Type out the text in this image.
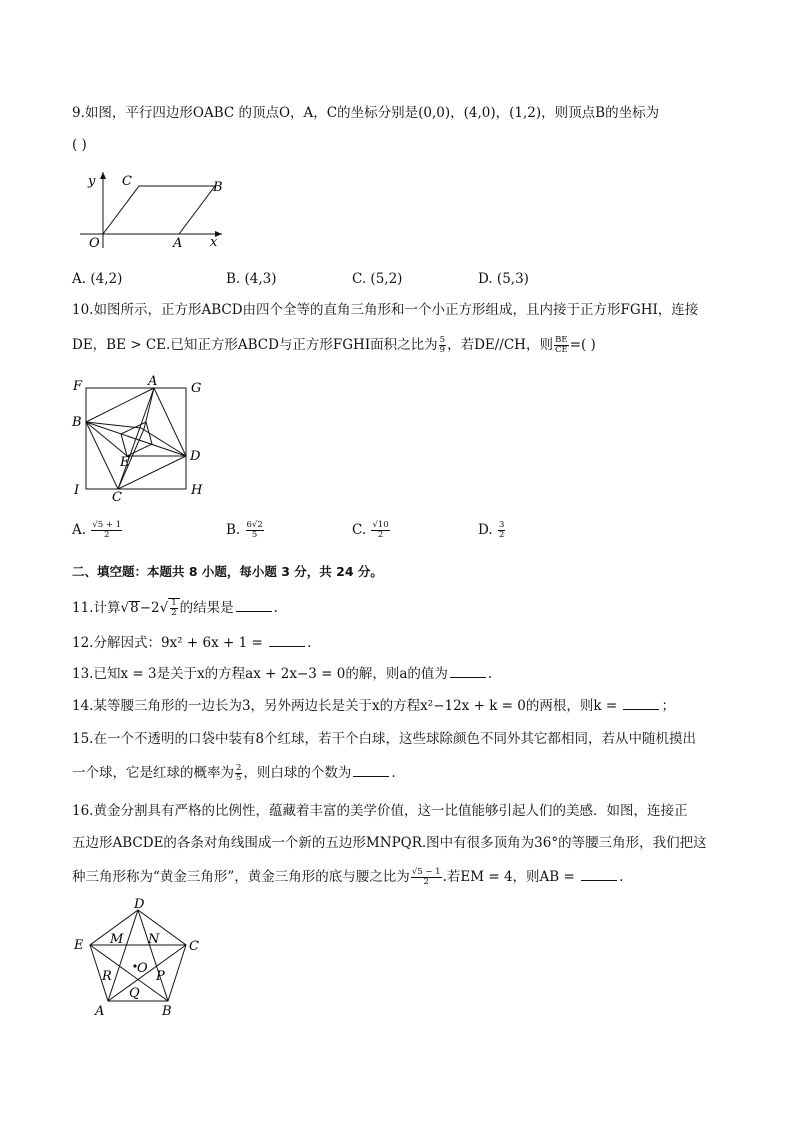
9.如图，平行四边形OABC 的顶点O，A，C的坐标分别是(0,0)，(4,0)，(1,2)，则顶点B的坐标为
( )
y
x
O	A
C	B
A. (4,2)	B. (4,3)	C. (5,2)	D. (5,3)
10.如图所示，正方形ABCD由四个全等的直角三角形和一个小正方形组成，且内接于正方形FGHI，连接
DE，BE > CE.已知正方形ABCD与正方形FGHI面积之比为 $\frac{5}{9}$ ，若DE//CH，则 $\frac{BE}{CE}$ =( )
F	A	G
B
E	D
I	C	H
A. $\frac{√5 + 1}{2}$	B. $\frac{6√2}{5}$	C. $\frac{√10}{2}$	D. $\frac{3}{2}$
二、填空题：本题共 8 小题，每小题 3 分，共 24 分。
11.计算$√8-2√ \frac{1}{2}$ 的结果是	.
12.分解因式：9x² + 6x + 1 =	.
13.已知x = 3是关于x的方程ax + 2x−3 = 0的解，则a的值为	.
14.某等腰三角形的一边长为3，另外两边长是关于x的方程x²−12x + k = 0的两根，则k =	；
15.在一个不透明的口袋中装有8个红球，若干个白球，这些球除颜色不同外其它都相同，若从中随机摸出
一个球，它是红球的概率为 $\frac{2}{5}$ ，则白球的个数为	.
16.黄金分割具有严格的比例性，蕴藏着丰富的美学价值，这一比值能够引起人们的美感．如图，连接正
五边形ABCDE的各条对角线围成一个新的五边形MNPQR.图中有很多顶角为36°的等腰三角形，我们把这
种三角形称为“黄金三角形”，黄金三角形的底与腰之比为 $\frac{√5 - 1}{2}$ .若EM = 4，则AB =	.
D
E	C
A	B
M N
R	P
Q
O
